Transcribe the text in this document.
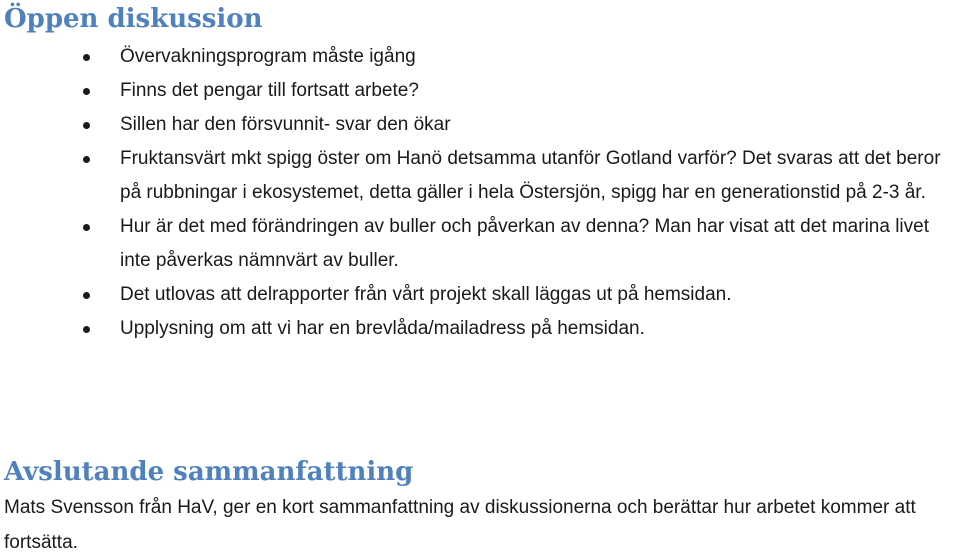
Öppen diskussion
Övervakningsprogram måste igång
Finns det pengar till fortsatt arbete?
Sillen har den försvunnit- svar den ökar
Fruktansvärt mkt spigg öster om Hanö detsamma utanför Gotland varför? Det svaras att det beror på rubbningar i ekosystemet, detta gäller i hela Östersjön, spigg har en generationstid på 2-3 år.
Hur är det med förändringen av buller och påverkan av denna? Man har visat att det marina livet inte påverkas nämnvärt av buller.
Det utlovas att delrapporter från vårt projekt skall läggas ut på hemsidan.
Upplysning om att vi har en brevlåda/mailadress på hemsidan.
Avslutande sammanfattning

Mats Svensson från HaV, ger en kort sammanfattning av diskussionerna och berättar hur arbetet kommer att fortsätta.
